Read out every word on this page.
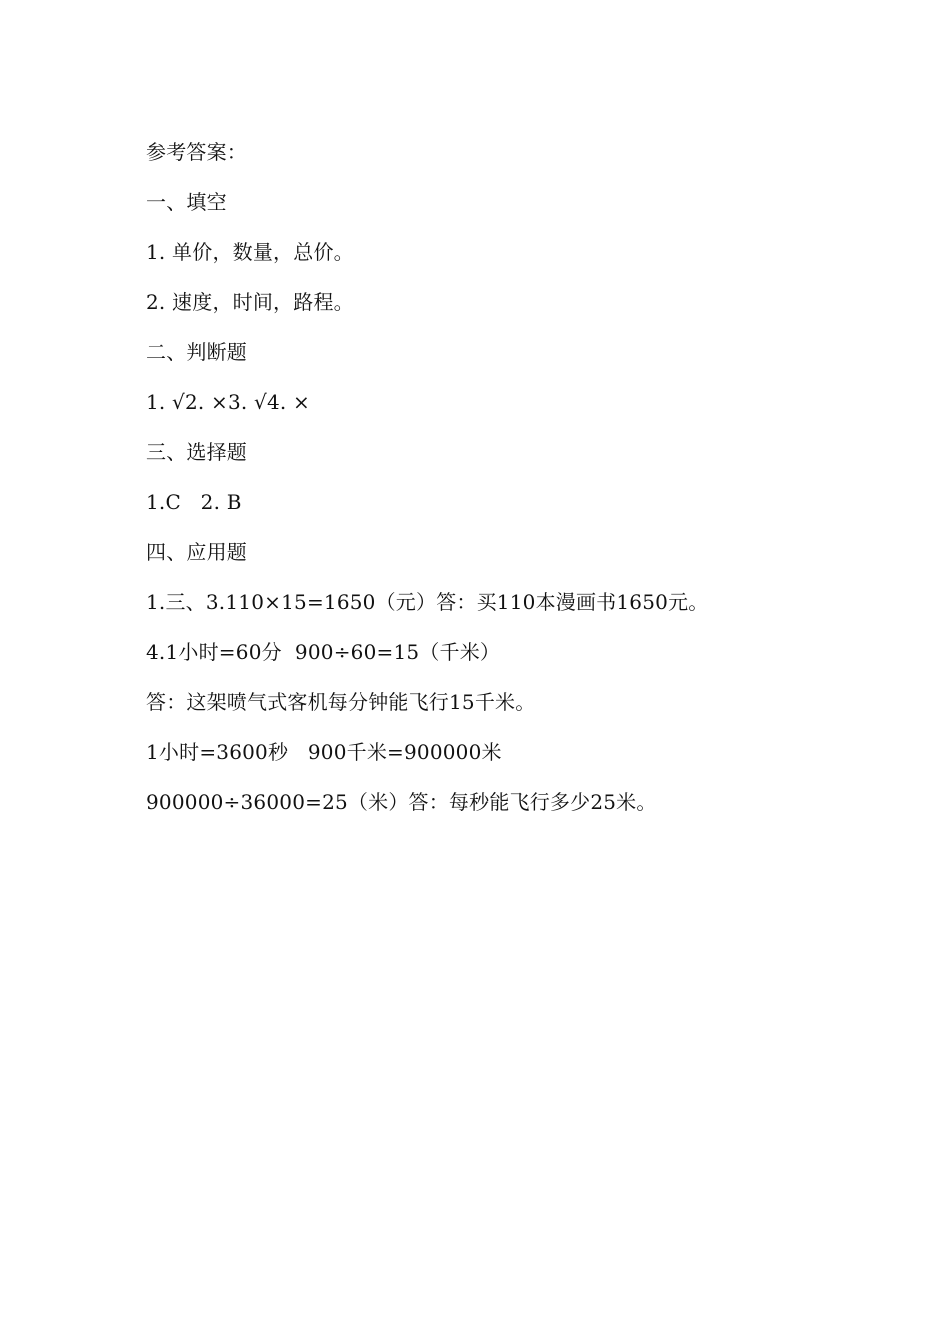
参考答案：
一、填空
1. 单价，数量，总价。
2. 速度，时间，路程。
二、判断题
1. √2. ×3. √4. ×
三、选择题
1.C   2. B
四、应用题
1.三、3.110×15=1650（元）答：买110本漫画书1650元。
4.1小时=60分  900÷60=15（千米）
答：这架喷气式客机每分钟能飞行15千米。
1小时=3600秒   900千米=900000米
900000÷36000=25（米）答：每秒能飞行多少25米。
